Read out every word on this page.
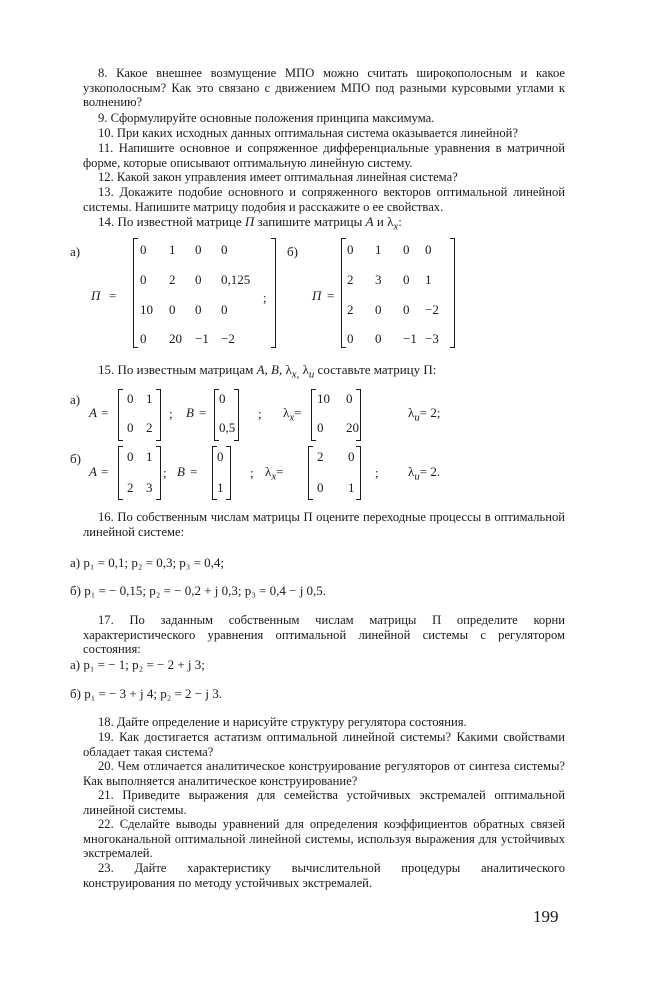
8. Какое внешнее возмущение МПО можно считать широкополосным и какое узкополосным? Как это связано с движением МПО под разными курсовыми углами к волнению?
9. Сформулируйте основные положения принципа максимума.
10. При каких исходных данных оптимальная система оказывается линейной?
11. Напишите основное и сопряженное дифференциальные уравнения в матричной форме, которые описывают оптимальную линейную систему.
12. Какой закон управления имеет оптимальная линейная система?
13. Докажите подобие основного и сопряженного векторов оптимальной линейной системы. Напишите матрицу подобия и расскажите о ее свойствах.
14. По известной матрице П запишите матрицы A и $\lambda_x$:
а)
П =
0 1 0 0
0 2 0 0,125
10 0 0 0
0 20 −1 −2
;
б)
П =
0 1 0 0
2 3 0 1
2 0 0 −2
0 0 −1 −3
15. По известным матрицам A, B, $\lambda_{x,}$ $\lambda_u$ составьте матрицу П:
а)
A =
0 1
0 2
; B =
0
0,5
; $\lambda_x=$
10 0
0 20
$\lambda_u= 2$;
б)
A =
0 1
2 3
; B =
0
1
; $\lambda_x=$
2 0
0 1
; $\lambda_u= 2$.
16. По собственным числам матрицы П оцените переходные процессы в оптимальной линейной системе:
а) p₁ = 0,1; p₂ = 0,3; p₃ = 0,4;
б) p₁ = − 0,15; p₂ = − 0,2 + j 0,3; p₃ = 0,4 − j 0,5.
17. По заданным собственным числам матрицы П определите корни характеристического уравнения оптимальной линейной системы с регулятором состояния:
а) p₁ = − 1; p₂ = − 2 + j 3;
б) p₁ = − 3 + j 4; p₂ = 2 − j 3.
18. Дайте определение и нарисуйте структуру регулятора состояния.
19. Как достигается астатизм оптимальной линейной системы? Какими свойствами обладает такая система?
20. Чем отличается аналитическое конструирование регуляторов от синтеза системы? Как выполняется аналитическое конструирование?
21. Приведите выражения для семейства устойчивых экстремалей оптимальной линейной системы.
22. Сделайте выводы уравнений для определения коэффициентов обратных связей многоканальной оптимальной линейной системы, используя выражения для устойчивых экстремалей.
23. Дайте характеристику вычислительной процедуры аналитического конструирования по методу устойчивых экстремалей.
199
